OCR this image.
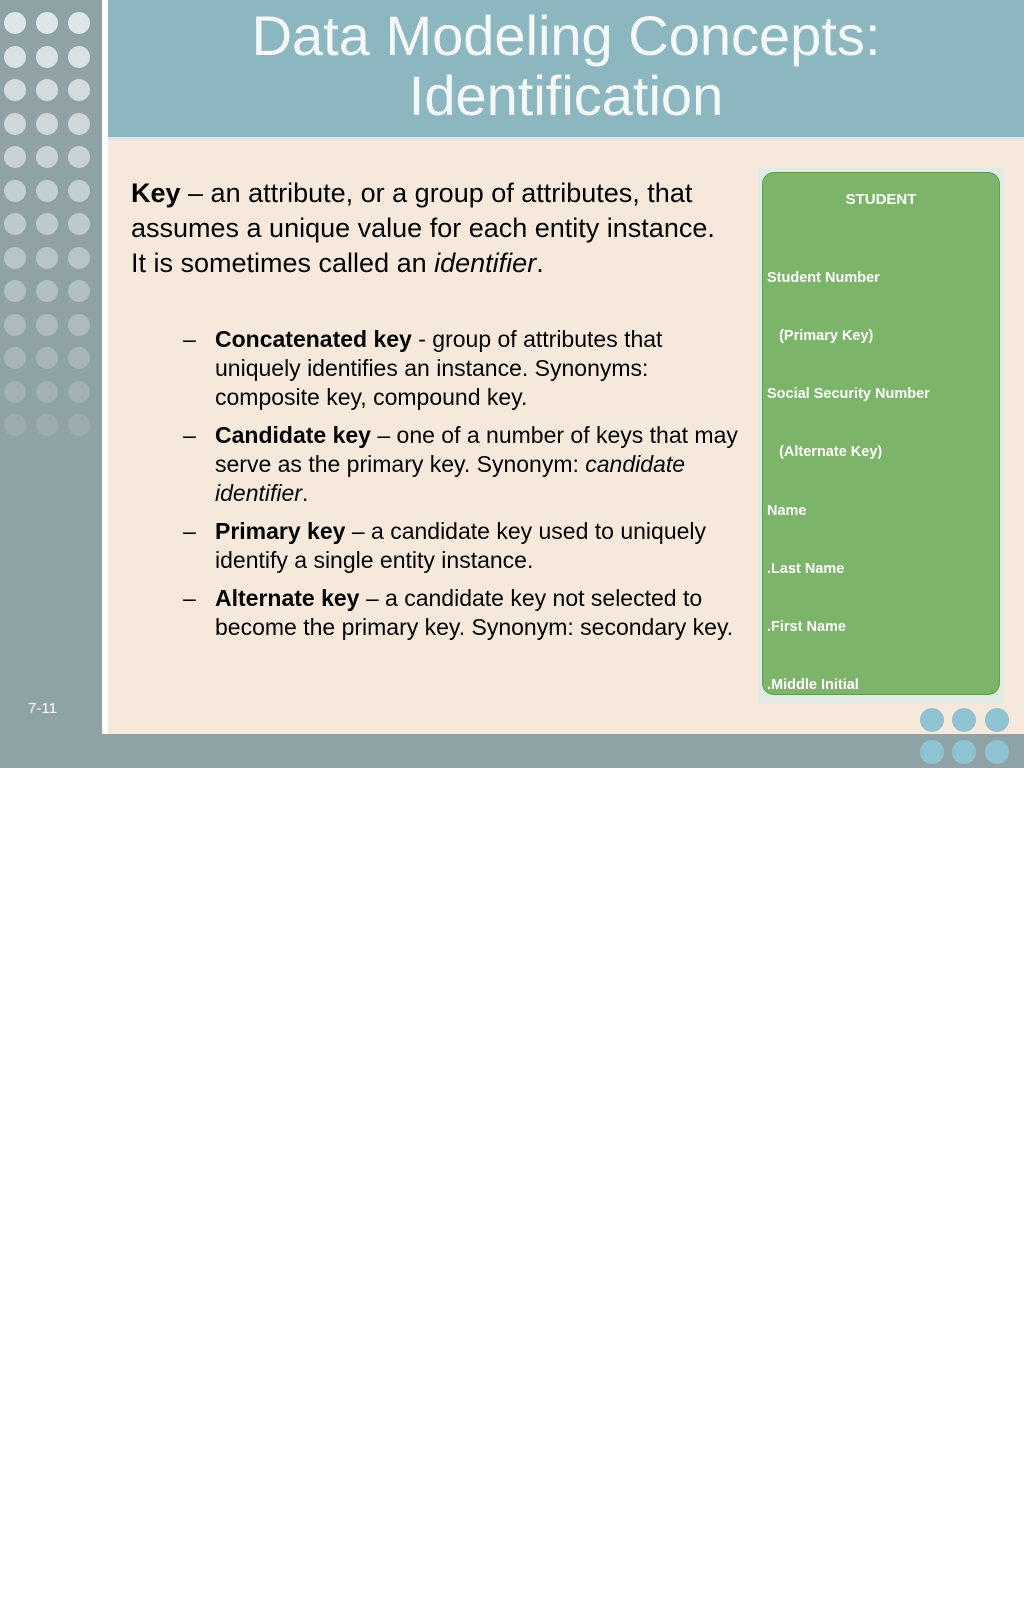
Data Modeling Concepts:
Identification
Key – an attribute, or a group of attributes, that assumes a unique value for each entity instance. It is sometimes called an identifier.
– Concatenated key - group of attributes that uniquely identifies an instance. Synonyms: composite key, compound key.
– Candidate key – one of a number of keys that may serve as the primary key. Synonym: candidate identifier.
– Primary key – a candidate key used to uniquely identify a single entity instance.
– Alternate key – a candidate key not selected to become the primary key. Synonym: secondary key.
STUDENT

Student Number

(Primary Key)

Social Security Number

(Alternate Key)

Name

.Last Name

.First Name

.Middle Initial

.Street Address

.City

.State or Province

.Country

.Postal Code

Phone Number

.Area Code

.Exchange Number

.Number Within Exchange

Date of Birth

Gender (Subsetting Criteria 1)

Race (Subsetting Criteria 2)

Major (Subsetting Criteria 3)

Grade Point Average

7-11
